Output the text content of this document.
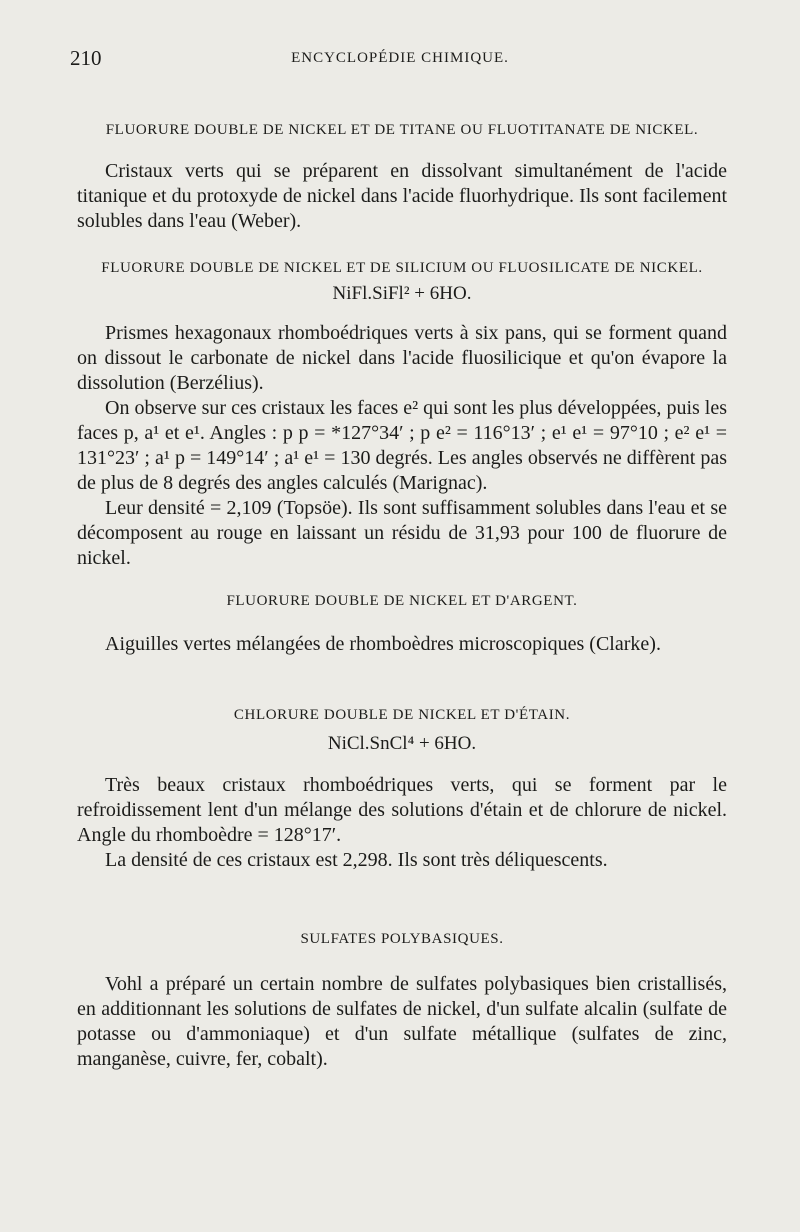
210	ENCYCLOPÉDIE CHIMIQUE.

FLUORURE DOUBLE DE NICKEL ET DE TITANE OU FLUOTITANATE DE NICKEL.

Cristaux verts qui se préparent en dissolvant simultanément de l'acide titanique et du protoxyde de nickel dans l'acide fluorhydrique. Ils sont facilement solubles dans l'eau (Weber).

FLUORURE DOUBLE DE NICKEL ET DE SILICIUM OU FLUOSILICATE DE NICKEL.

NiFl.SiFl² + 6HO.

Prismes hexagonaux rhomboédriques verts à six pans, qui se forment quand on dissout le carbonate de nickel dans l'acide fluosilicique et qu'on évapore la dissolution (Berzélius).

On observe sur ces cristaux les faces e² qui sont les plus développées, puis les faces p, a¹ et e¹. Angles : p p = *127°34′ ; p e² = 116°13′ ; e¹ e¹ = 97°10 ; e² e¹ = 131°23′ ; a¹ p = 149°14′ ; a¹ e¹ = 130 degrés. Les angles observés ne diffèrent pas de plus de 8 degrés des angles calculés (Marignac).

Leur densité = 2,109 (Topsöe). Ils sont suffisamment solubles dans l'eau et se décomposent au rouge en laissant un résidu de 31,93 pour 100 de fluorure de nickel.

FLUORURE DOUBLE DE NICKEL ET D'ARGENT.

Aiguilles vertes mélangées de rhomboèdres microscopiques (Clarke).

CHLORURE DOUBLE DE NICKEL ET D'ÉTAIN.

NiCl.SnCl⁴ + 6HO.

Très beaux cristaux rhomboédriques verts, qui se forment par le refroidissement lent d'un mélange des solutions d'étain et de chlorure de nickel. Angle du rhomboèdre = 128°17′.

La densité de ces cristaux est 2,298. Ils sont très déliquescents.

SULFATES POLYBASIQUES.

Vohl a préparé un certain nombre de sulfates polybasiques bien cristallisés, en additionnant les solutions de sulfates de nickel, d'un sulfate alcalin (sulfate de potasse ou d'ammoniaque) et d'un sulfate métallique (sulfates de zinc, manganèse, cuivre, fer, cobalt).
